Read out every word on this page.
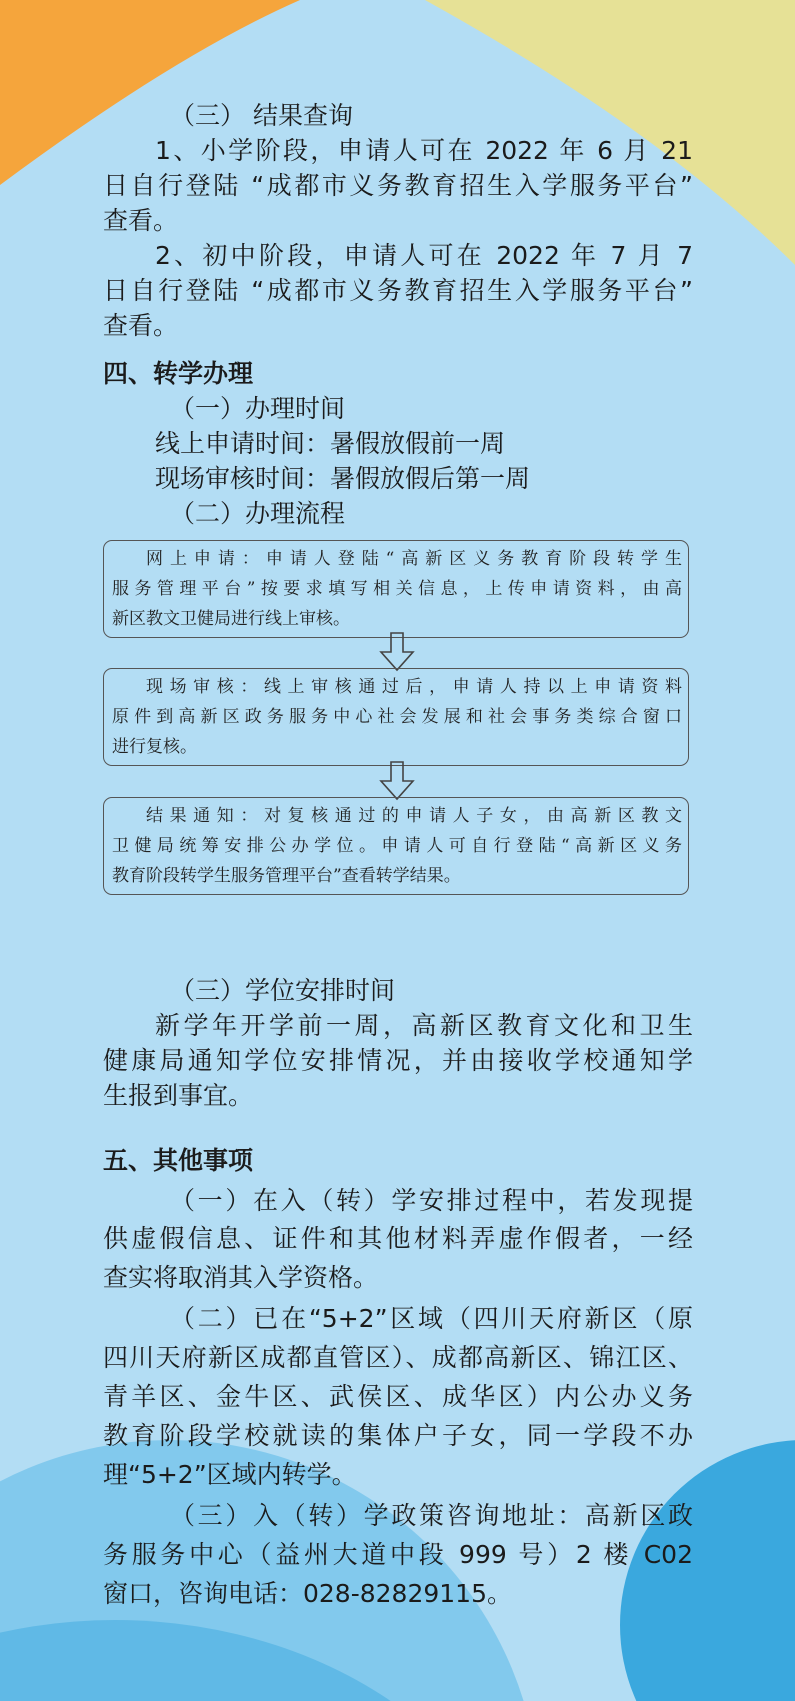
（三） 结果查询
1、小学阶段，申请人可在 2022 年 6 月 21
日自行登陆 “成都市义务教育招生入学服务平台”
查看。
2、初中阶段，申请人可在 2022 年 7 月 7
日自行登陆 “成都市义务教育招生入学服务平台”
查看。
四、转学办理
（一）办理时间
线上申请时间：暑假放假前一周
现场审核时间：暑假放假后第一周
（二）办理流程
网上申请：申请人登陆“高新区义务教育阶段转学生
服务管理平台”按要求填写相关信息，上传申请资料，由高
新区教文卫健局进行线上审核。
现场审核：线上审核通过后，申请人持以上申请资料
原件到高新区政务服务中心社会发展和社会事务类综合窗口
进行复核。
结果通知：对复核通过的申请人子女，由高新区教文
卫健局统筹安排公办学位。申请人可自行登陆“高新区义务
教育阶段转学生服务管理平台”查看转学结果。
（三）学位安排时间
新学年开学前一周，高新区教育文化和卫生
健康局通知学位安排情况，并由接收学校通知学
生报到事宜。
五、其他事项
（一）在入（转）学安排过程中，若发现提
供虚假信息、证件和其他材料弄虚作假者，一经
查实将取消其入学资格。
（二）已在“5+2”区域（四川天府新区（原
四川天府新区成都直管区）、成都高新区、锦江区、
青羊区、金牛区、武侯区、成华区）内公办义务
教育阶段学校就读的集体户子女，同一学段不办
理“5+2”区域内转学。
（三）入（转）学政策咨询地址：高新区政
务服务中心（益州大道中段 999 号）2 楼 C02
窗口，咨询电话：028-82829115。
